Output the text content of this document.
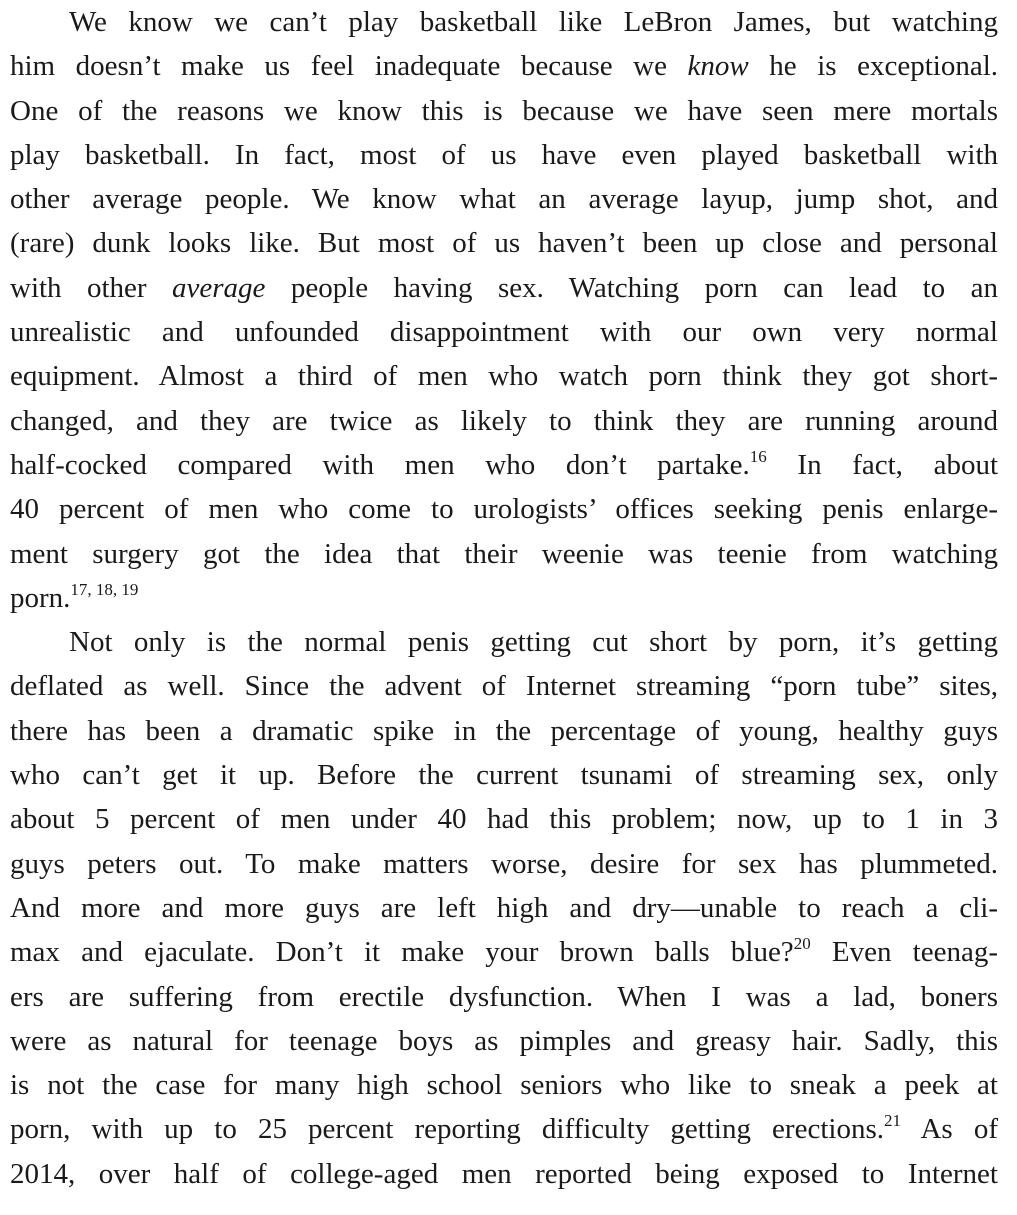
We know we can’t play basketball like LeBron James, but watching
him doesn’t make us feel inadequate because we know he is exceptional.
One of the reasons we know this is because we have seen mere mortals
play basketball. In fact, most of us have even played basketball with
other average people. We know what an average layup, jump shot, and
(rare) dunk looks like. But most of us haven’t been up close and personal
with other average people having sex. Watching porn can lead to an
unrealistic and unfounded disappointment with our own very normal
equipment. Almost a third of men who watch porn think they got short-
changed, and they are twice as likely to think they are running around
half-cocked compared with men who don’t partake.$^{16}$ In fact, about
40 percent of men who come to urologists’ offices seeking penis enlarge-
ment surgery got the idea that their weenie was teenie from watching
porn.$^{17, 18, 19}$
Not only is the normal penis getting cut short by porn, it’s getting
deflated as well. Since the advent of Internet streaming “porn tube” sites,
there has been a dramatic spike in the percentage of young, healthy guys
who can’t get it up. Before the current tsunami of streaming sex, only
about 5 percent of men under 40 had this problem; now, up to 1 in 3
guys peters out. To make matters worse, desire for sex has plummeted.
And more and more guys are left high and dry—unable to reach a cli-
max and ejaculate. Don’t it make your brown balls blue?$^{20}$ Even teenag-
ers are suffering from erectile dysfunction. When I was a lad, boners
were as natural for teenage boys as pimples and greasy hair. Sadly, this
is not the case for many high school seniors who like to sneak a peek at
porn, with up to 25 percent reporting difficulty getting erections.$^{21}$ As of
2014, over half of college-aged men reported being exposed to Internet
